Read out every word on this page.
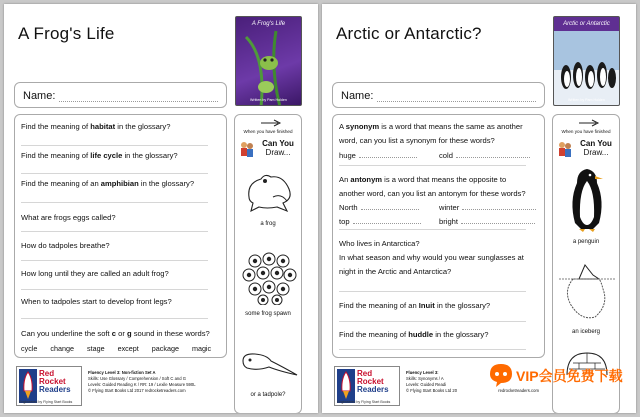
A Frog's Life	A Frog's Life
Written by Pam Holden
Name:
Find the meaning of habitat in the glossary?
Find the meaning of life cycle in the glossary?
Find the meaning of an amphibian in the glossary?
What are frogs eggs called?
How do tadpoles breathe?
How long until they are called an adult frog?
When to tadpoles start to develop front legs?
Can you underline the soft c or g sound in these words?
cycle change stage except package magic
When you have finished
Can You
Draw...
a frog
some frog spawn
or a tadpole?
Red
Rocket
Readers
Engineered by Flying Start Books
Fluency Level 3: Non-fiction Set A
Skills: Use Glossary / Comprehension / Soft C and G
Levels: Guided Reading K / RR: 19 / Lexile Measure 590L
© Flying Start Books Ltd 2017 redrocketreaders.com
Arctic or Antarctic?	Arctic or Antarctic
Written by Pam Holden
Name:
A synonym is a word that means the same as another
word, can you list a synonym for these words?
huge	cold
An antonym is a word that means the opposite to
another word, can you list an antonym for these words?
North	winter
top	bright
Who lives in Antarctica?
In what season and why would you wear sunglasses at
night in the Arctic and Antarctica?
Find the meaning of an Inuit in the glossary?
Find the meaning of huddle in the glossary?
When you have finished
Can You
Draw...
a penguin
an iceberg
Red
Rocket
Readers
Engineered by Flying Start Books
Fluency Level 3:
Skills: Synonyms / A
Levels: Guided Readi
© Flying Start Books Ltd 20	redrocketreaders.com
VIP会员免费下载
